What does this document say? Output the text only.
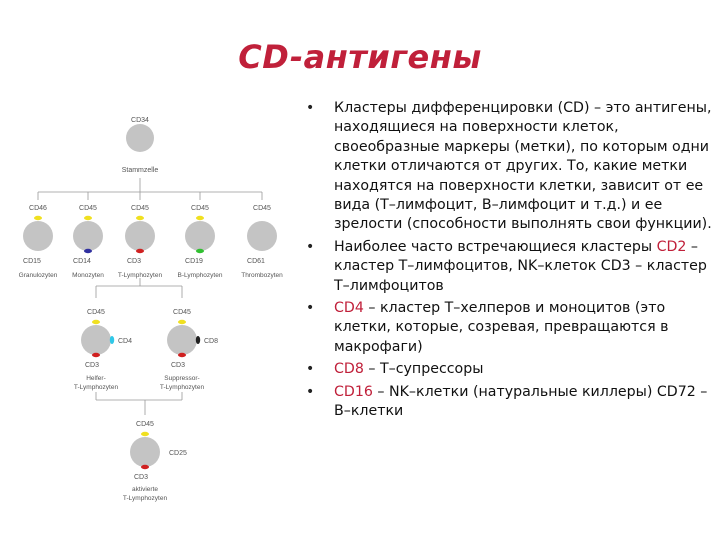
CD-антигены
CD34
Stammzelle
CD46
CD15
Granulozyten
CD45
CD14
Monozyten
CD45
CD3
T-Lymphozyten
CD45
CD19
B-Lymphozyten
CD45
CD61
Thrombozyten
CD45
CD4
CD3
Helfer-
T-Lymphozyten
CD45
CD8
CD3
Suppressor-
T-Lymphozyten
CD45
CD25
CD3
aktivierte
T-Lymphozyten
• Кластеры дифференцировки (CD) – это антигены, находящиеся на поверхности клеток, своеобразные маркеры (метки), по которым одни клетки отличаются от других. То, какие метки находятся на поверхности клетки, зависит от ее вида (Т–лимфоцит, В–лимфоцит и т.д.) и ее зрелости (способности выполнять свои функции).
• Наиболее часто встречающиеся кластеры CD2 – кластер Т–лимфоцитов, NK–клеток CD3 – кластер Т–лимфоцитов
• CD4 – кластер Т–хелперов и моноцитов (это клетки, которые, созревая, превращаются в макрофаги)
• CD8 – Т–супрессоры
• CD16 – NK–клетки (натуральные киллеры) CD72 – В–клетки
